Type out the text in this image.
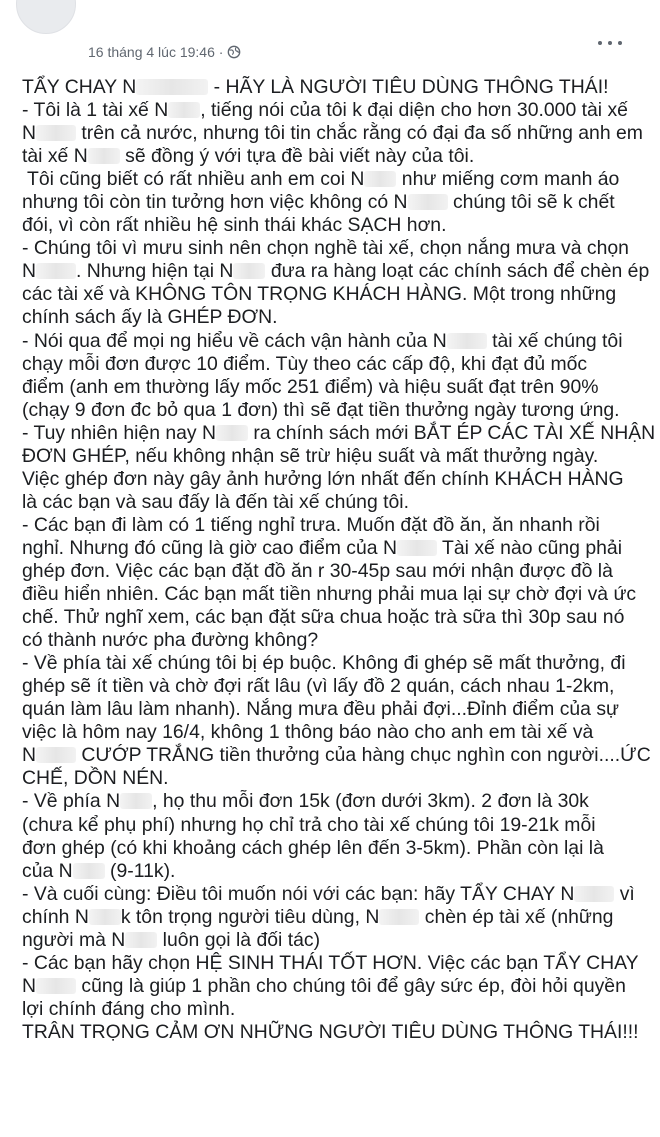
16 tháng 4 lúc 19:46 ·
TẨY CHAY N	- HÃY LÀ NGƯỜI TIÊU DÙNG THÔNG THÁI!
- Tôi là 1 tài xế N , tiếng nói của tôi k đại diện cho hơn 30.000 tài xế
N trên cả nước, nhưng tôi tin chắc rằng có đại đa số những anh em
tài xế N sẽ đồng ý với tựa đề bài viết này của tôi.
Tôi cũng biết có rất nhiều anh em coi N như miếng cơm manh áo
nhưng tôi còn tin tưởng hơn việc không có N chúng tôi sẽ k chết
đói, vì còn rất nhiều hệ sinh thái khác SẠCH hơn.
- Chúng tôi vì mưu sinh nên chọn nghề tài xế, chọn nắng mưa và chọn
N . Nhưng hiện tại N đưa ra hàng loạt các chính sách để chèn ép
các tài xế và KHÔNG TÔN TRỌNG KHÁCH HÀNG. Một trong những
chính sách ấy là GHÉP ĐƠN.
- Nói qua để mọi ng hiểu về cách vận hành của N tài xế chúng tôi
chạy mỗi đơn được 10 điểm. Tùy theo các cấp độ, khi đạt đủ mốc
điểm (anh em thường lấy mốc 251 điểm) và hiệu suất đạt trên 90%
(chạy 9 đơn đc bỏ qua 1 đơn) thì sẽ đạt tiền thưởng ngày tương ứng.
- Tuy nhiên hiện nay N ra chính sách mới BẮT ÉP CÁC TÀI XẾ NHẬN
ĐƠN GHÉP, nếu không nhận sẽ trừ hiệu suất và mất thưởng ngày.
Việc ghép đơn này gây ảnh hưởng lớn nhất đến chính KHÁCH HÀNG
là các bạn và sau đấy là đến tài xế chúng tôi.
- Các bạn đi làm có 1 tiếng nghỉ trưa. Muốn đặt đồ ăn, ăn nhanh rồi
nghỉ. Nhưng đó cũng là giờ cao điểm của N Tài xế nào cũng phải
ghép đơn. Việc các bạn đặt đồ ăn r 30-45p sau mới nhận được đồ là
điều hiển nhiên. Các bạn mất tiền nhưng phải mua lại sự chờ đợi và ức
chế. Thử nghĩ xem, các bạn đặt sữa chua hoặc trà sữa thì 30p sau nó
có thành nước pha đường không?
- Về phía tài xế chúng tôi bị ép buộc. Không đi ghép sẽ mất thưởng, đi
ghép sẽ ít tiền và chờ đợi rất lâu (vì lấy đồ 2 quán, cách nhau 1-2km,
quán làm lâu làm nhanh). Nắng mưa đều phải đợi...Đỉnh điểm của sự
việc là hôm nay 16/4, không 1 thông báo nào cho anh em tài xế và
N CƯỚP TRẮNG tiền thưởng của hàng chục nghìn con người....ỨC
CHẾ, DỒN NÉN.
- Về phía N , họ thu mỗi đơn 15k (đơn dưới 3km). 2 đơn là 30k
(chưa kể phụ phí) nhưng họ chỉ trả cho tài xế chúng tôi 19-21k mỗi
đơn ghép (có khi khoảng cách ghép lên đến 3-5km). Phần còn lại là
của N (9-11k).
- Và cuối cùng: Điều tôi muốn nói với các bạn: hãy TẨY CHAY N vì
chính N k tôn trọng người tiêu dùng, N chèn ép tài xế (những
người mà N luôn gọi là đối tác)
- Các bạn hãy chọn HỆ SINH THÁI TỐT HƠN. Việc các bạn TẨY CHAY
N cũng là giúp 1 phần cho chúng tôi để gây sức ép, đòi hỏi quyền
lợi chính đáng cho mình.
TRÂN TRỌNG CẢM ƠN NHỮNG NGƯỜI TIÊU DÙNG THÔNG THÁI!!!
